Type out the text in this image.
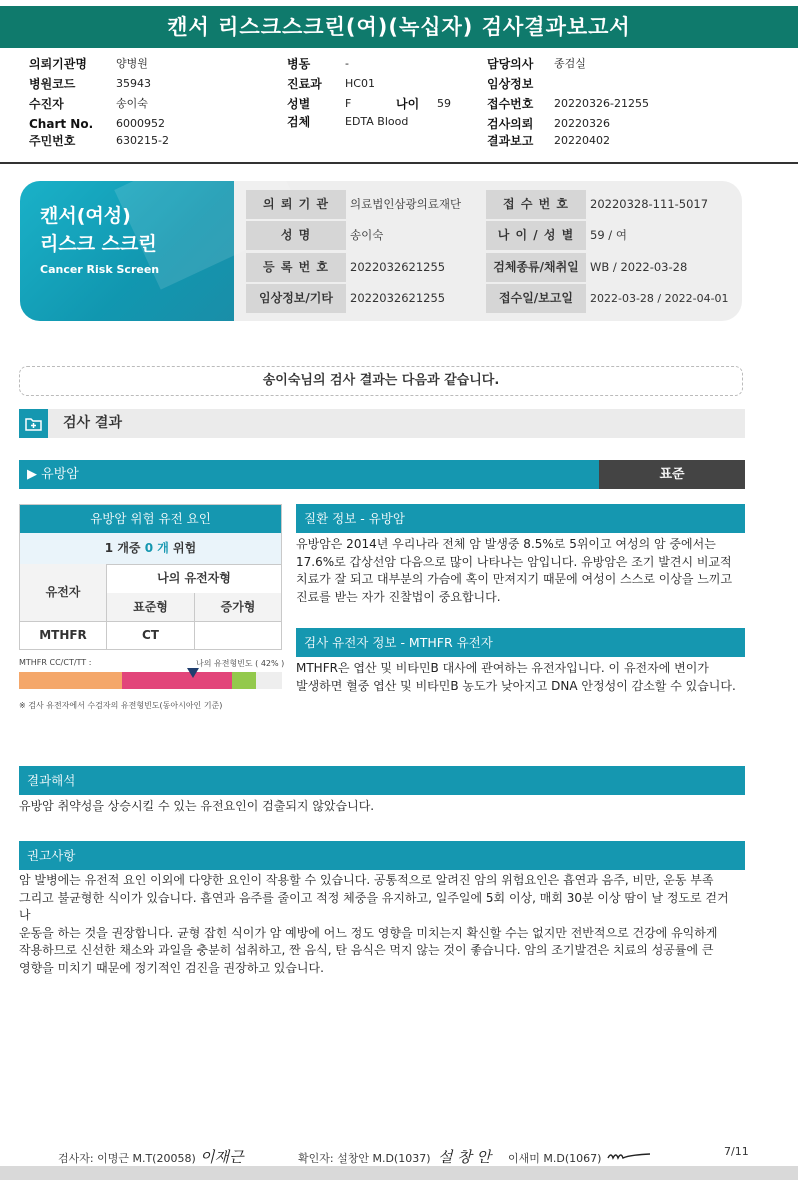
캔서 리스크스크린(여)(녹십자) 검사결과보고서
의뢰기관명	양병원
병원코드	35943
수진자	송이숙
Chart No. 6000952
주민번호	630215-2
병동	-
진료과 HC01
성별	F	나이 59
검체	EDTA Blood
담당의사 종검실
임상정보
접수번호 20220326-21255
검사의뢰 20220326
결과보고 20220402
캔서(여성)
리스크 스크린
Cancer Risk Screen
의 뢰 기 관	의료법인삼광의료재단	접 수 번 호	20220328-111-5017
성 명	송이숙	나 이 / 성 별	59 / 여
등 록 번 호	2022032621255	검체종류/채취일 WB / 2022-03-28
임상정보/기타	2022032621255	접수일/보고일	2022-03-28 / 2022-04-01
송이숙님의 검사 결과는 다음과 같습니다.
검사 결과
▶ 유방암	표준
유방암 위험 유전 요인
1 개중 0 개 위험
유전자
나의 유전자형
표준형	증가형
MTHFR	CT
MTHFR CC/CT/TT :	나의 유전형빈도 ( 42% )
※ 검사 유전자에서 수검자의 유전형빈도(동아시아인 기준)
질환 정보 - 유방암
유방암은 2014년 우리나라 전체 암 발생중 8.5%로 5위이고 여성의 암 중에서는
17.6%로 갑상선암 다음으로 많이 나타나는 암입니다. 유방암은 조기 발견시 비교적
치료가 잘 되고 대부분의 가슴에 혹이 만져지기 때문에 여성이 스스로 이상을 느끼고
진료를 받는 자가 진찰법이 중요합니다.
검사 유전자 정보 - MTHFR 유전자
MTHFR은 엽산 및 비타민B 대사에 관여하는 유전자입니다. 이 유전자에 변이가
발생하면 혈중 엽산 및 비타민B 농도가 낮아지고 DNA 안정성이 감소할 수 있습니다.
결과해석
유방암 취약성을 상승시킬 수 있는 유전요인이 검출되지 않았습니다.
권고사항
암 발병에는 유전적 요인 이외에 다양한 요인이 작용할 수 있습니다. 공통적으로 알려진 암의 위험요인은 흡연과 음주, 비만, 운동 부족
그리고 불균형한 식이가 있습니다. 흡연과 음주를 줄이고 적정 체중을 유지하고, 일주일에 5회 이상, 매회 30분 이상 땀이 날 정도로 걷거나
운동을 하는 것을 권장합니다. 균형 잡힌 식이가 암 예방에 어느 정도 영향을 미치는지 확신할 수는 없지만 전반적으로 건강에 유익하게
작용하므로 신선한 채소와 과일을 충분히 섭취하고, 짠 음식, 탄 음식은 먹지 않는 것이 좋습니다. 암의 조기발견은 치료의 성공률에 큰
영향을 미치기 때문에 정기적인 검진을 권장하고 있습니다.
검사자: 이명근 M.T(20058) 이재근	확인자: 설창안 M.D(1037) 설 창 안 이새미 M.D(1067)
7/11
